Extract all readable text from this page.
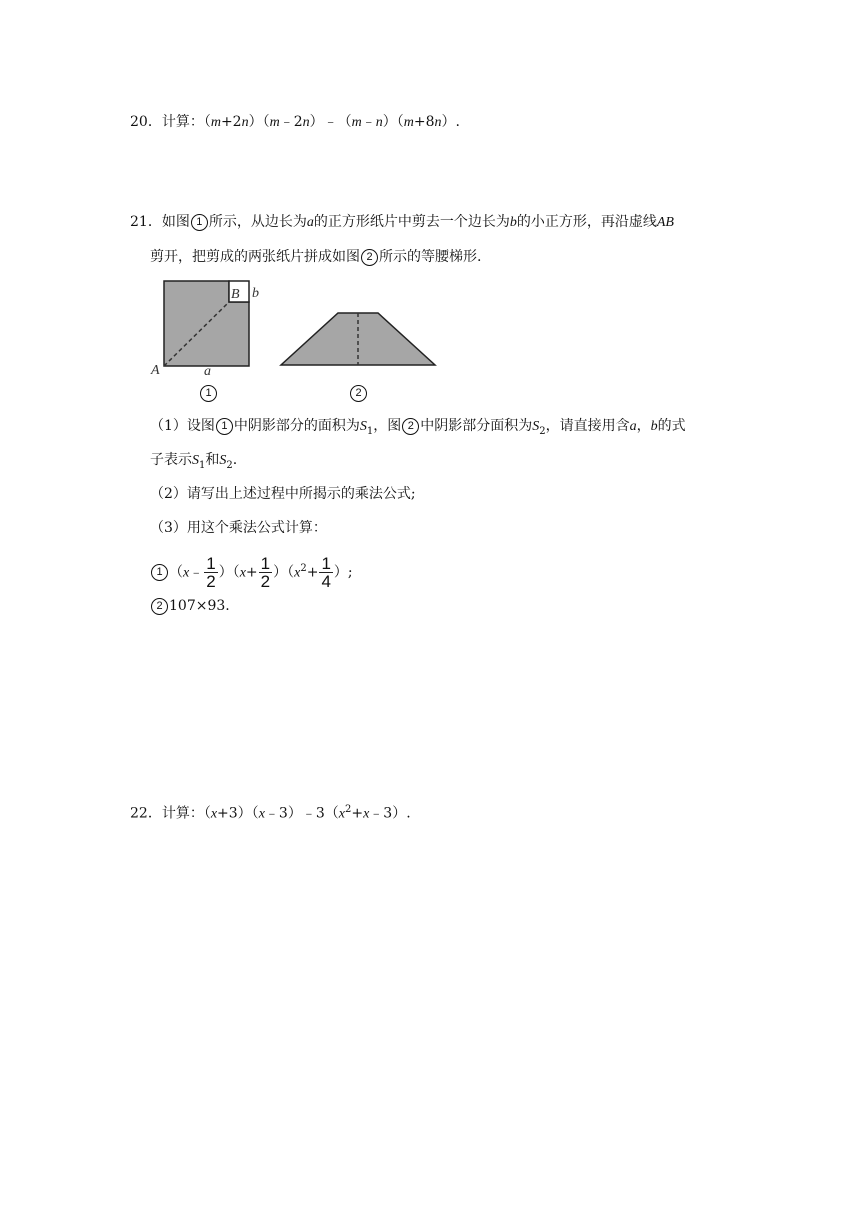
20．计算：（m+2n）（m﹣2n）﹣（m﹣n）（m+8n）.
21．如图 1 所示，从边长为a的正方形纸片中剪去一个边长为b的小正方形，再沿虚线AB
剪开，把剪成的两张纸片拼成如图 2 所示的等腰梯形.
A
B b
a
1	2
（1）设图 1 中阴影部分的面积为$S_1$，图 2 中阴影部分面积为$S_2$，请直接用含a，b的式
子表示$S_1$和$S_2$.
（2）请写出上述过程中所揭示的乘法公式;
（3）用这个乘法公式计算：
1 （x﹣ $\frac{1}{2} )(x+ \frac{1}{2} )(x^2+ \frac{1}{4}$ ）;
2 107×93.
22．计算：$(x+3)(x﹣3)﹣3(x^2+x﹣3)$.
